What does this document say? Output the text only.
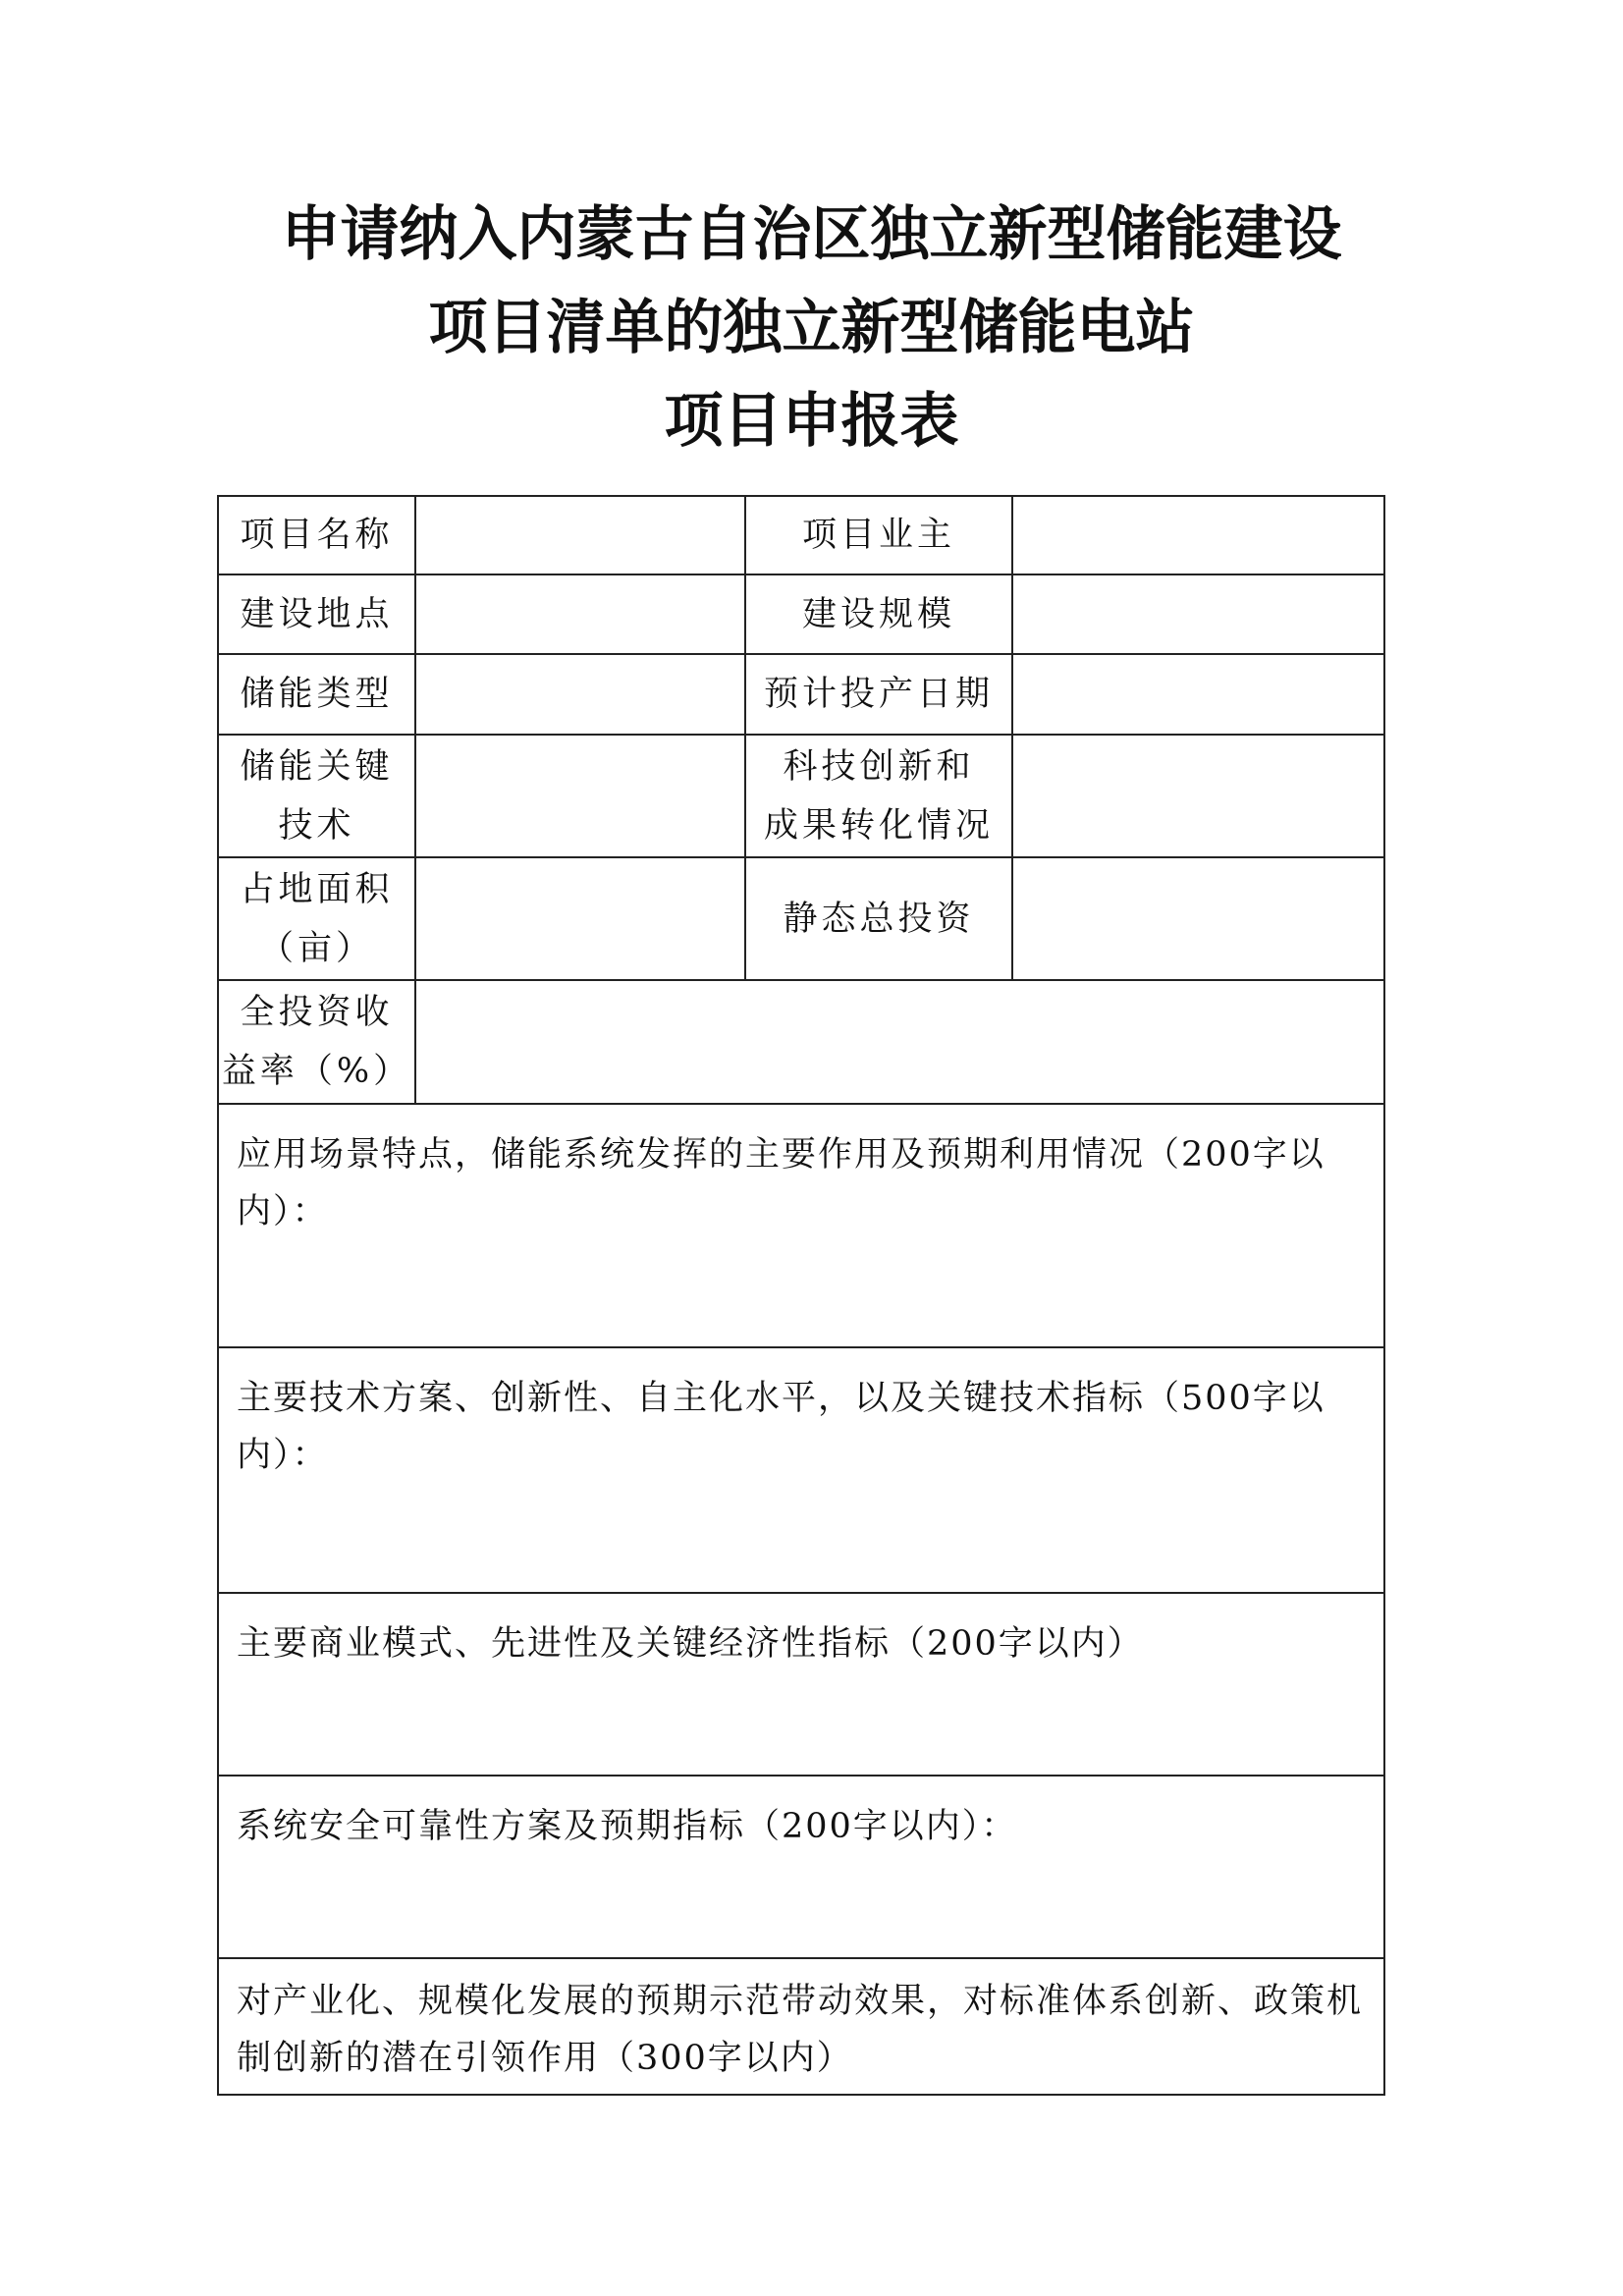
申请纳入内蒙古自治区独立新型储能建设
项目清单的独立新型储能电站
项目申报表
项目名称		项目业主	

建设地点		建设规模	

储能类型		预计投产日期	

储能关键
技术		科技创新和
成果转化情况	

占地面积
（亩）		静态总投资	

全投资收
益率（%）			

应用场景特点，储能系统发挥的主要作用及预期利用情况（200字以内）：			

主要技术方案、创新性、自主化水平，以及关键技术指标（500字以内）：			

主要商业模式、先进性及关键经济性指标（200字以内）			

系统安全可靠性方案及预期指标（200字以内）：			

对产业化、规模化发展的预期示范带动效果，对标准体系创新、政策机制创新的潜在引领作用（300字以内）			
